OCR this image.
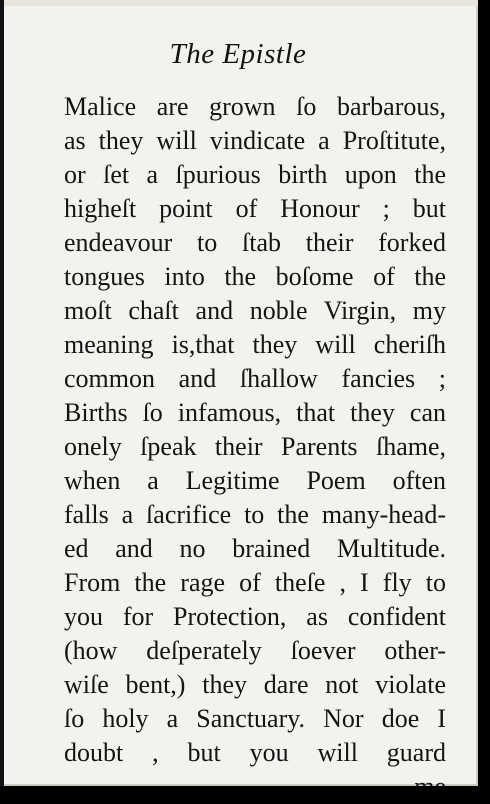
The Epistle
Malice are grown ſo barbarous,
as they will vindicate a Proſtitute,
or ſet a ſpurious birth upon the
higheſt point of Honour ; but
endeavour to ſtab their forked
tongues into the boſome of the
moſt chaſt and noble Virgin, my
meaning is,that they will cheriſh
common and ſhallow fancies ;
Births ſo infamous, that they can
onely ſpeak their Parents ſhame,
when a Legitime Poem often
falls a ſacrifice to the many-head-
ed and no brained Multitude.
From the rage of theſe , I fly to
you for Protection, as confident
(how deſperately ſoever other-
wiſe bent,) they dare not violate
ſo holy a Sanctuary. Nor doe I
doubt , but you will guard
